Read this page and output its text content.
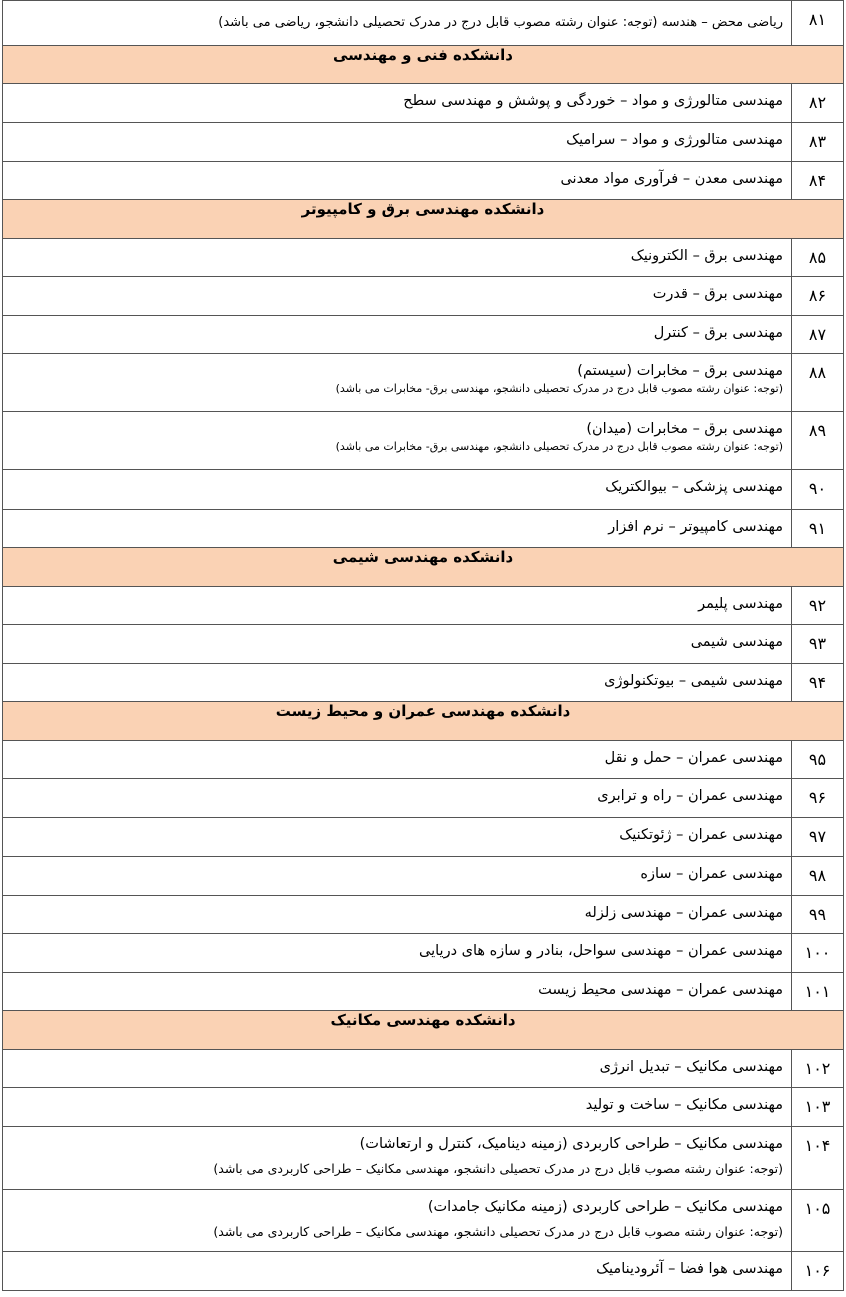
۸۱	ریاضی محض – هندسه (توجه: عنوان رشته مصوب قابل درج در مدرک تحصیلی دانشجو، ریاضی می باشد)

دانشکده فنی و مهندسی	
۸۲	مهندسی متالورژی و مواد – خوردگی و پوشش و مهندسی سطح

۸۳	مهندسی متالورژی و مواد – سرامیک

۸۴	مهندسی معدن – فرآوری مواد معدنی

دانشکده مهندسی برق و کامپیوتر	
۸۵	مهندسی برق – الکترونیک

۸۶	مهندسی برق – قدرت

۸۷	مهندسی برق – کنترل

۸۸	مهندسی برق – مخابرات (سیستم)
(توجه: عنوان رشته مصوب قابل درج در مدرک تحصیلی دانشجو، مهندسی برق- مخابرات می باشد)

۸۹	مهندسی برق – مخابرات (میدان)
(توجه: عنوان رشته مصوب قابل درج در مدرک تحصیلی دانشجو، مهندسی برق- مخابرات می باشد)

۹۰	مهندسی پزشکی – بیوالکتریک

۹۱	مهندسی کامپیوتر – نرم افزار

دانشکده مهندسی شیمی	
۹۲	مهندسی پلیمر

۹۳	مهندسی شیمی

۹۴	مهندسی شیمی – بیوتکنولوژی

دانشکده مهندسی عمران و محیط زیست	
۹۵	مهندسی عمران – حمل و نقل

۹۶	مهندسی عمران – راه و ترابری

۹۷	مهندسی عمران – ژئوتکنیک

۹۸	مهندسی عمران – سازه

۹۹	مهندسی عمران – مهندسی زلزله

۱۰۰	مهندسی عمران – مهندسی سواحل، بنادر و سازه های دریایی

۱۰۱	مهندسی عمران – مهندسی محیط زیست

دانشکده مهندسی مکانیک	
۱۰۲	مهندسی مکانیک – تبدیل انرژی

۱۰۳	مهندسی مکانیک – ساخت و تولید

۱۰۴	مهندسی مکانیک – طراحی کاربردی (زمینه دینامیک، کنترل و ارتعاشات)
(توجه: عنوان رشته مصوب قابل درج در مدرک تحصیلی دانشجو، مهندسی مکانیک – طراحی کاربردی می باشد)

۱۰۵	مهندسی مکانیک – طراحی کاربردی (زمینه مکانیک جامدات)
(توجه: عنوان رشته مصوب قابل درج در مدرک تحصیلی دانشجو، مهندسی مکانیک – طراحی کاربردی می باشد)

۱۰۶	مهندسی هوا فضا – آئرودینامیک
